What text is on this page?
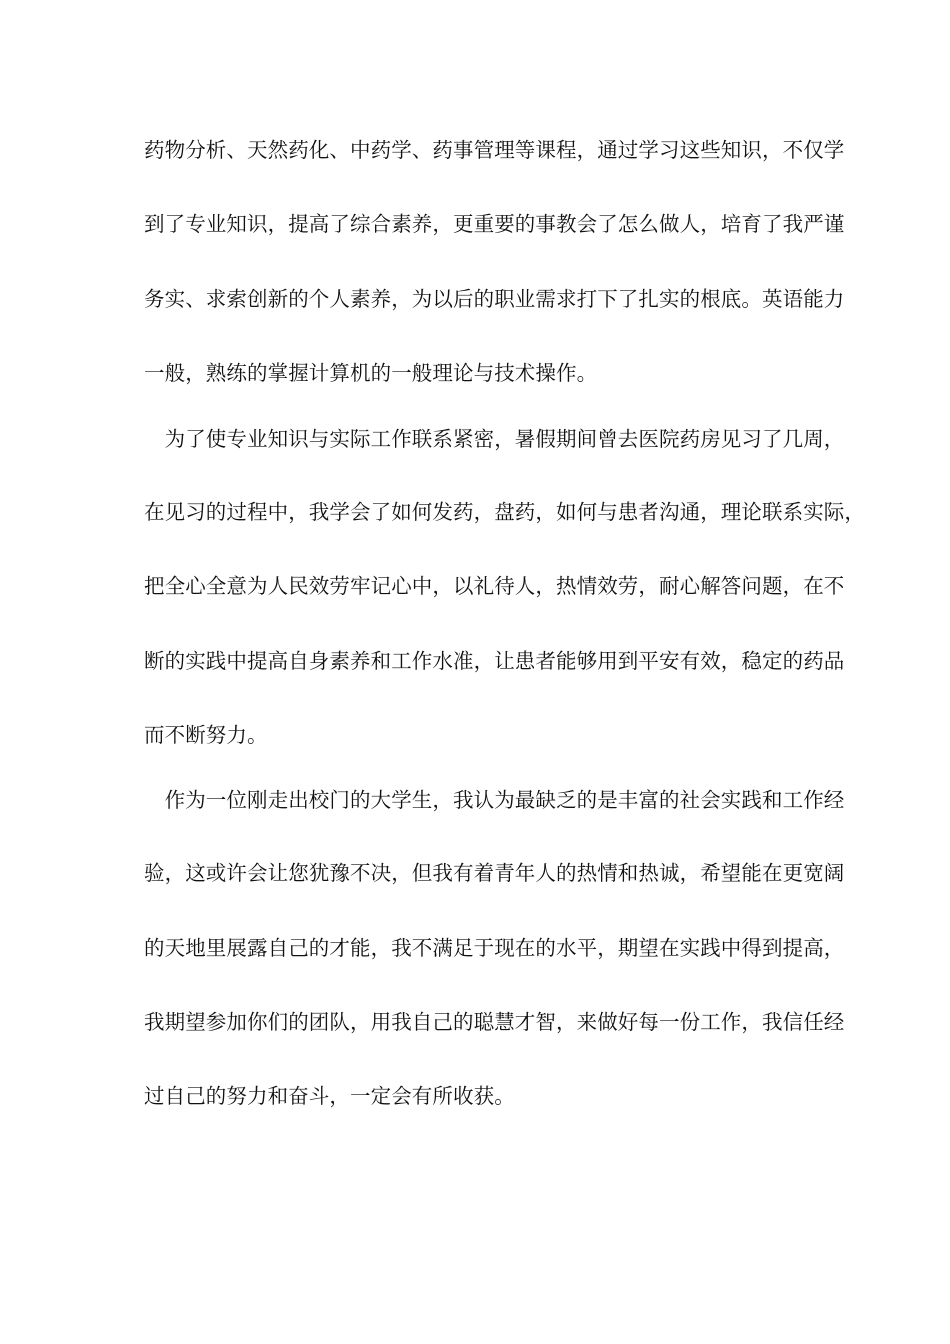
药物分析、天然药化、中药学、药事管理等课程，通过学习这些知识，不仅学
到了专业知识，提高了综合素养，更重要的事教会了怎么做人，培育了我严谨
务实、求索创新的个人素养，为以后的职业需求打下了扎实的根底。英语能力
一般，熟练的掌握计算机的一般理论与技术操作。
　为了使专业知识与实际工作联系紧密，暑假期间曾去医院药房见习了几周，
在见习的过程中，我学会了如何发药，盘药，如何与患者沟通，理论联系实际，
把全心全意为人民效劳牢记心中，以礼待人，热情效劳，耐心解答问题，在不
断的实践中提高自身素养和工作水准，让患者能够用到平安有效，稳定的药品
而不断努力。
　作为一位刚走出校门的大学生，我认为最缺乏的是丰富的社会实践和工作经
验，这或许会让您犹豫不决，但我有着青年人的热情和热诚，希望能在更宽阔
的天地里展露自己的才能，我不满足于现在的水平，期望在实践中得到提高，
我期望参加你们的团队，用我自己的聪慧才智，来做好每一份工作，我信任经
过自己的努力和奋斗，一定会有所收获。
